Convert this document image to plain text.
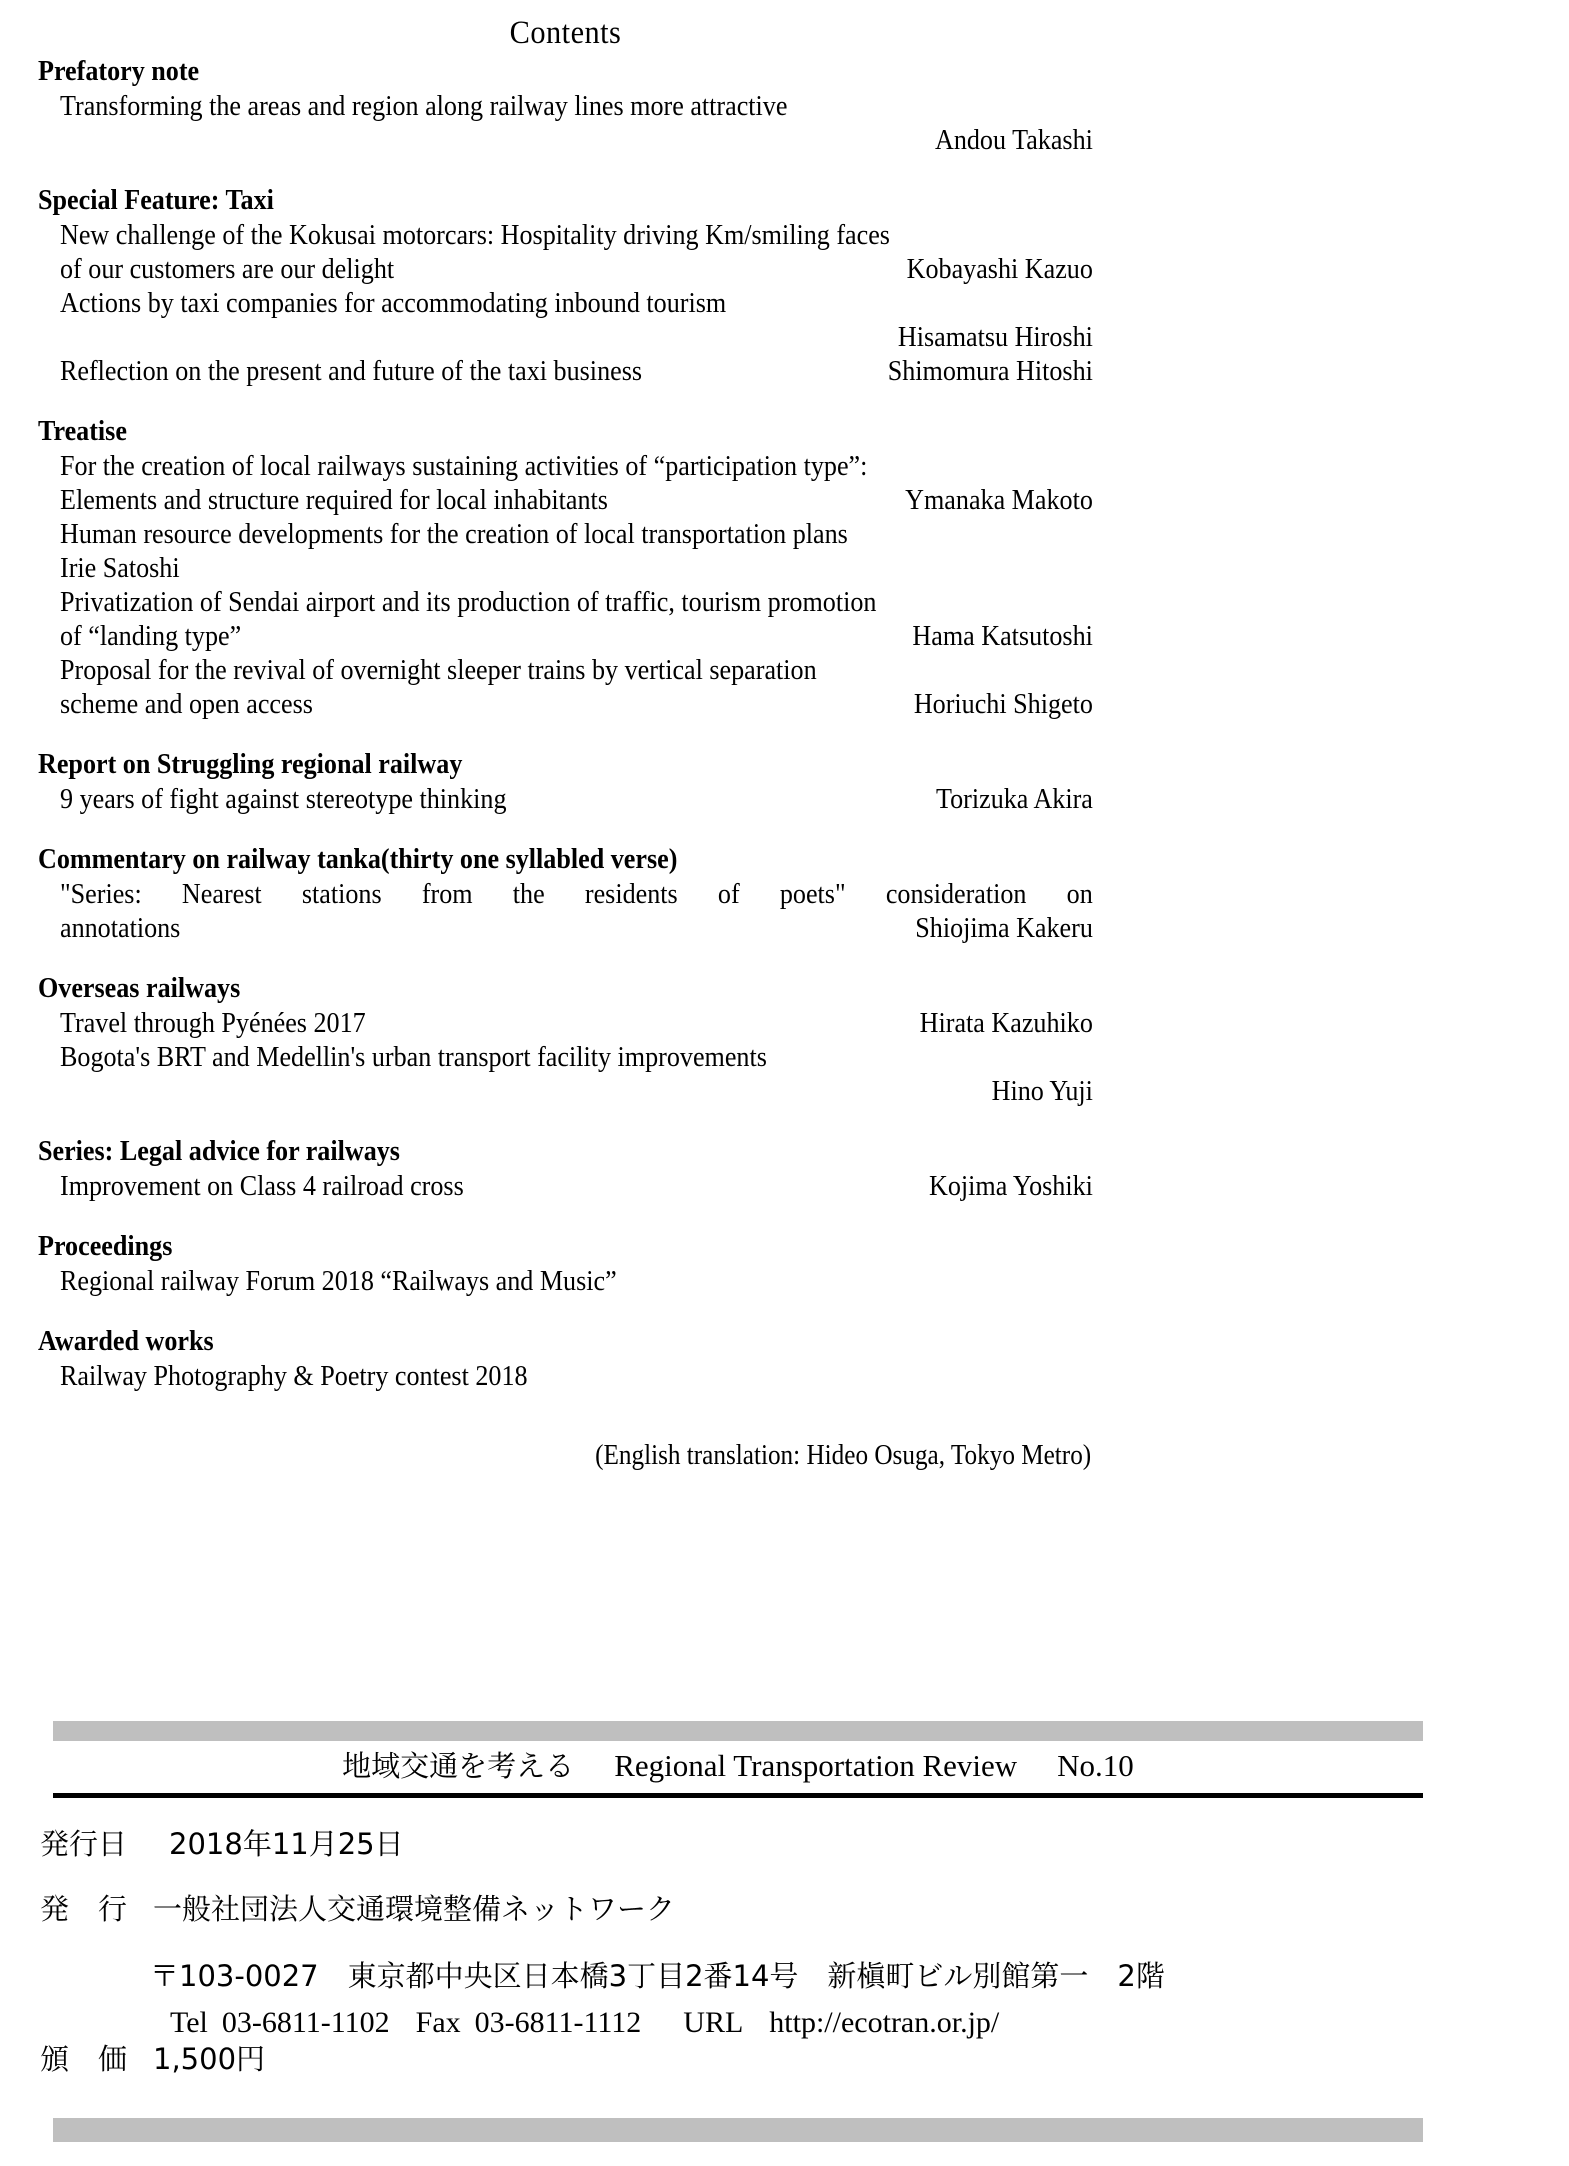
Contents
Prefatory note
Transforming the areas and region along railway lines more attractive
Andou Takashi
Special Feature: Taxi
New challenge of the Kokusai motorcars: Hospitality driving Km/smiling faces
of our customers are our delight	Kobayashi Kazuo
Actions by taxi companies for accommodating inbound tourism
Hisamatsu Hiroshi
Reflection on the present and future of the taxi business	Shimomura Hitoshi
Treatise
For the creation of local railways sustaining activities of “participation type”:
Elements and structure required for local inhabitants	Ymanaka Makoto
Human resource developments for the creation of local transportation plans
Irie Satoshi
Privatization of Sendai airport and its production of traffic, tourism promotion
of “landing type”	Hama Katsutoshi
Proposal for the revival of overnight sleeper trains by vertical separation
scheme and open access	Horiuchi Shigeto
Report on Struggling regional railway
9 years of fight against stereotype thinking	Torizuka Akira
Commentary on railway tanka(thirty one syllabled verse)
"Series: Nearest stations from the residents of poets" consideration on
annotations	Shiojima Kakeru
Overseas railways
Travel through Pyénées 2017	Hirata Kazuhiko
Bogota's BRT and Medellin's urban transport facility improvements
Hino Yuji
Series: Legal advice for railways
Improvement on Class 4 railroad cross	Kojima Yoshiki
Proceedings
Regional railway Forum 2018 “Railways and Music”
Awarded works
Railway Photography & Poetry contest 2018
(English translation: Hideo Osuga, Tokyo Metro)
地域交通を考える Regional Transportation Review No.10
発行日 2018年11月25日
発　行 一般社団法人交通環境整備ネットワーク
〒103-0027　東京都中央区日本橋3丁目2番14号　新槇町ビル別館第一　2階
Tel 03-6811-1102 Fax 03-6811-1112 URL http://ecotran.or.jp/
頒　価 1,500円
